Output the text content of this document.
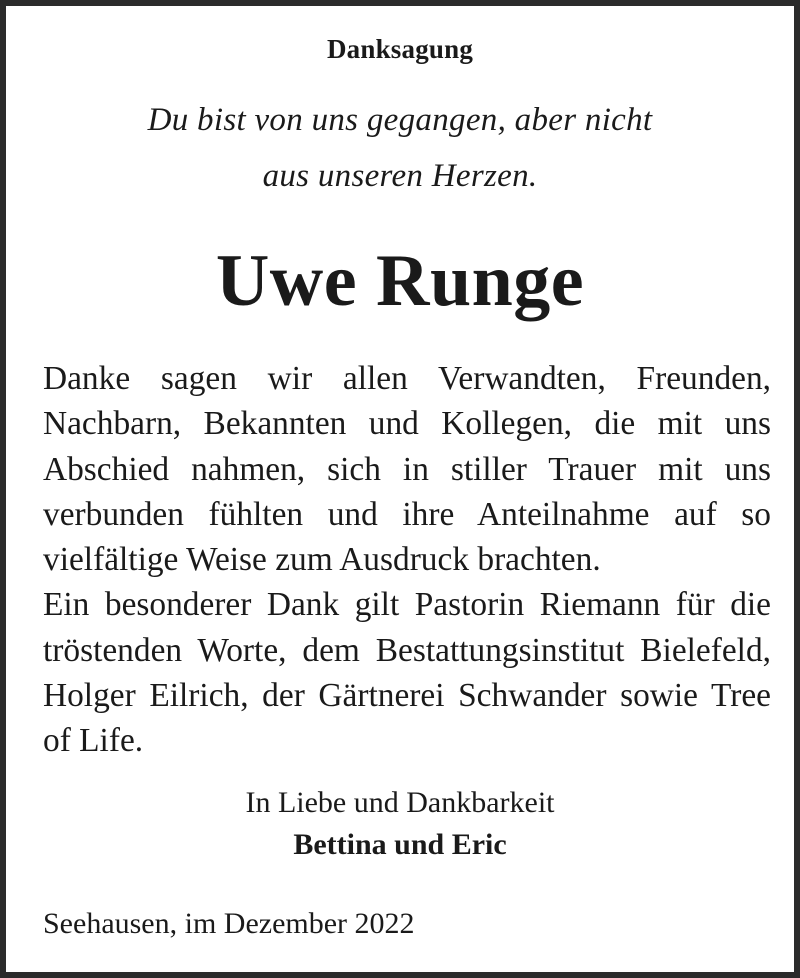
Danksagung
Du bist von uns gegangen, aber nicht
aus unseren Herzen.
Uwe Runge

Danke sagen wir allen Verwandten, Freunden, Nachbarn, Bekannten und Kollegen, die mit uns Abschied nahmen, sich in stiller Trauer mit uns verbunden fühlten und ihre Anteilnahme auf so vielfältige Weise zum Ausdruck brachten.

Ein besonderer Dank gilt Pastorin Riemann für die tröstenden Worte, dem Bestattungsinstitut Bielefeld, Holger Eilrich, der Gärtnerei Schwander sowie Tree of Life.

In Liebe und Dankbarkeit
Bettina und Eric
Seehausen, im Dezember 2022
